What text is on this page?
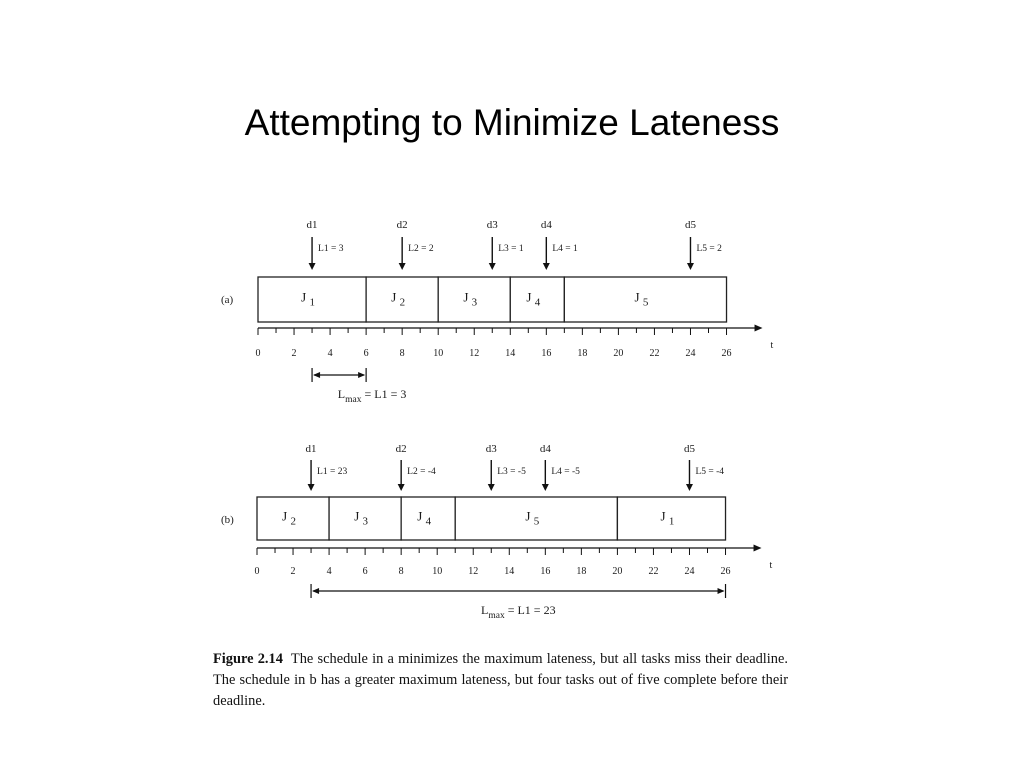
Attempting to Minimize Lateness
(a)
d1
L1 = 3
d2
L2 = 2
d3
L3 = 1
d4
L4 = 1
d5
L5 = 2
J $_1$	J $_2$	J $_3$	J $_4$	J $_5$
t
0	2	4	6	8	10	12	14	16	18	20	22	24	26
$L_{max} = L1 = 3$
(b)
d1
L1 = 23
d2
L2 = -4
d3
L3 = -5
d4
L4 = -5
d5
L5 = -4
J $_2$	J $_3$	J $_4$	J $_5$	J $_1$
t
0	2	4	6	8	10	12	14	16	18	20	22	24	26
$L_{max} = L1 = 23$
Figure 2.14 The schedule in a minimizes the maximum lateness, but all tasks miss their deadline. The schedule in b has a greater maximum lateness, but four tasks out of five complete before their deadline.
